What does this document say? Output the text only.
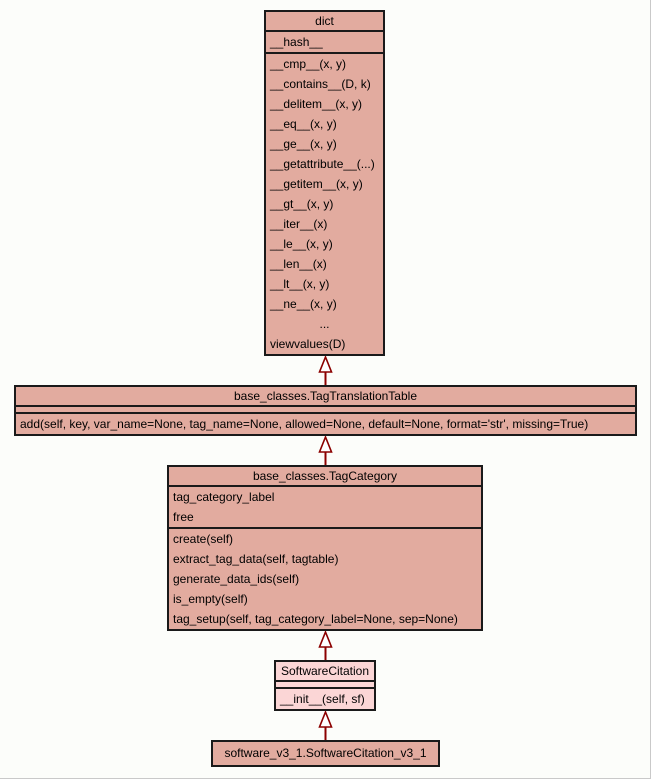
dict
__hash__
__cmp__(x, y)
__contains__(D, k)
__delitem__(x, y)
__eq__(x, y)
__ge__(x, y)
__getattribute__(...)
__getitem__(x, y)
__gt__(x, y)
__iter__(x)
__le__(x, y)
__len__(x)
__lt__(x, y)
__ne__(x, y)
...
viewvalues(D)
base_classes.TagTranslationTable
add(self, key, var_name=None, tag_name=None, allowed=None, default=None, format='str', missing=True)
base_classes.TagCategory
tag_category_label
free
create(self)
extract_tag_data(self, tagtable)
generate_data_ids(self)
is_empty(self)
tag_setup(self, tag_category_label=None, sep=None)
SoftwareCitation
__init__(self, sf)
software_v3_1.SoftwareCitation_v3_1
